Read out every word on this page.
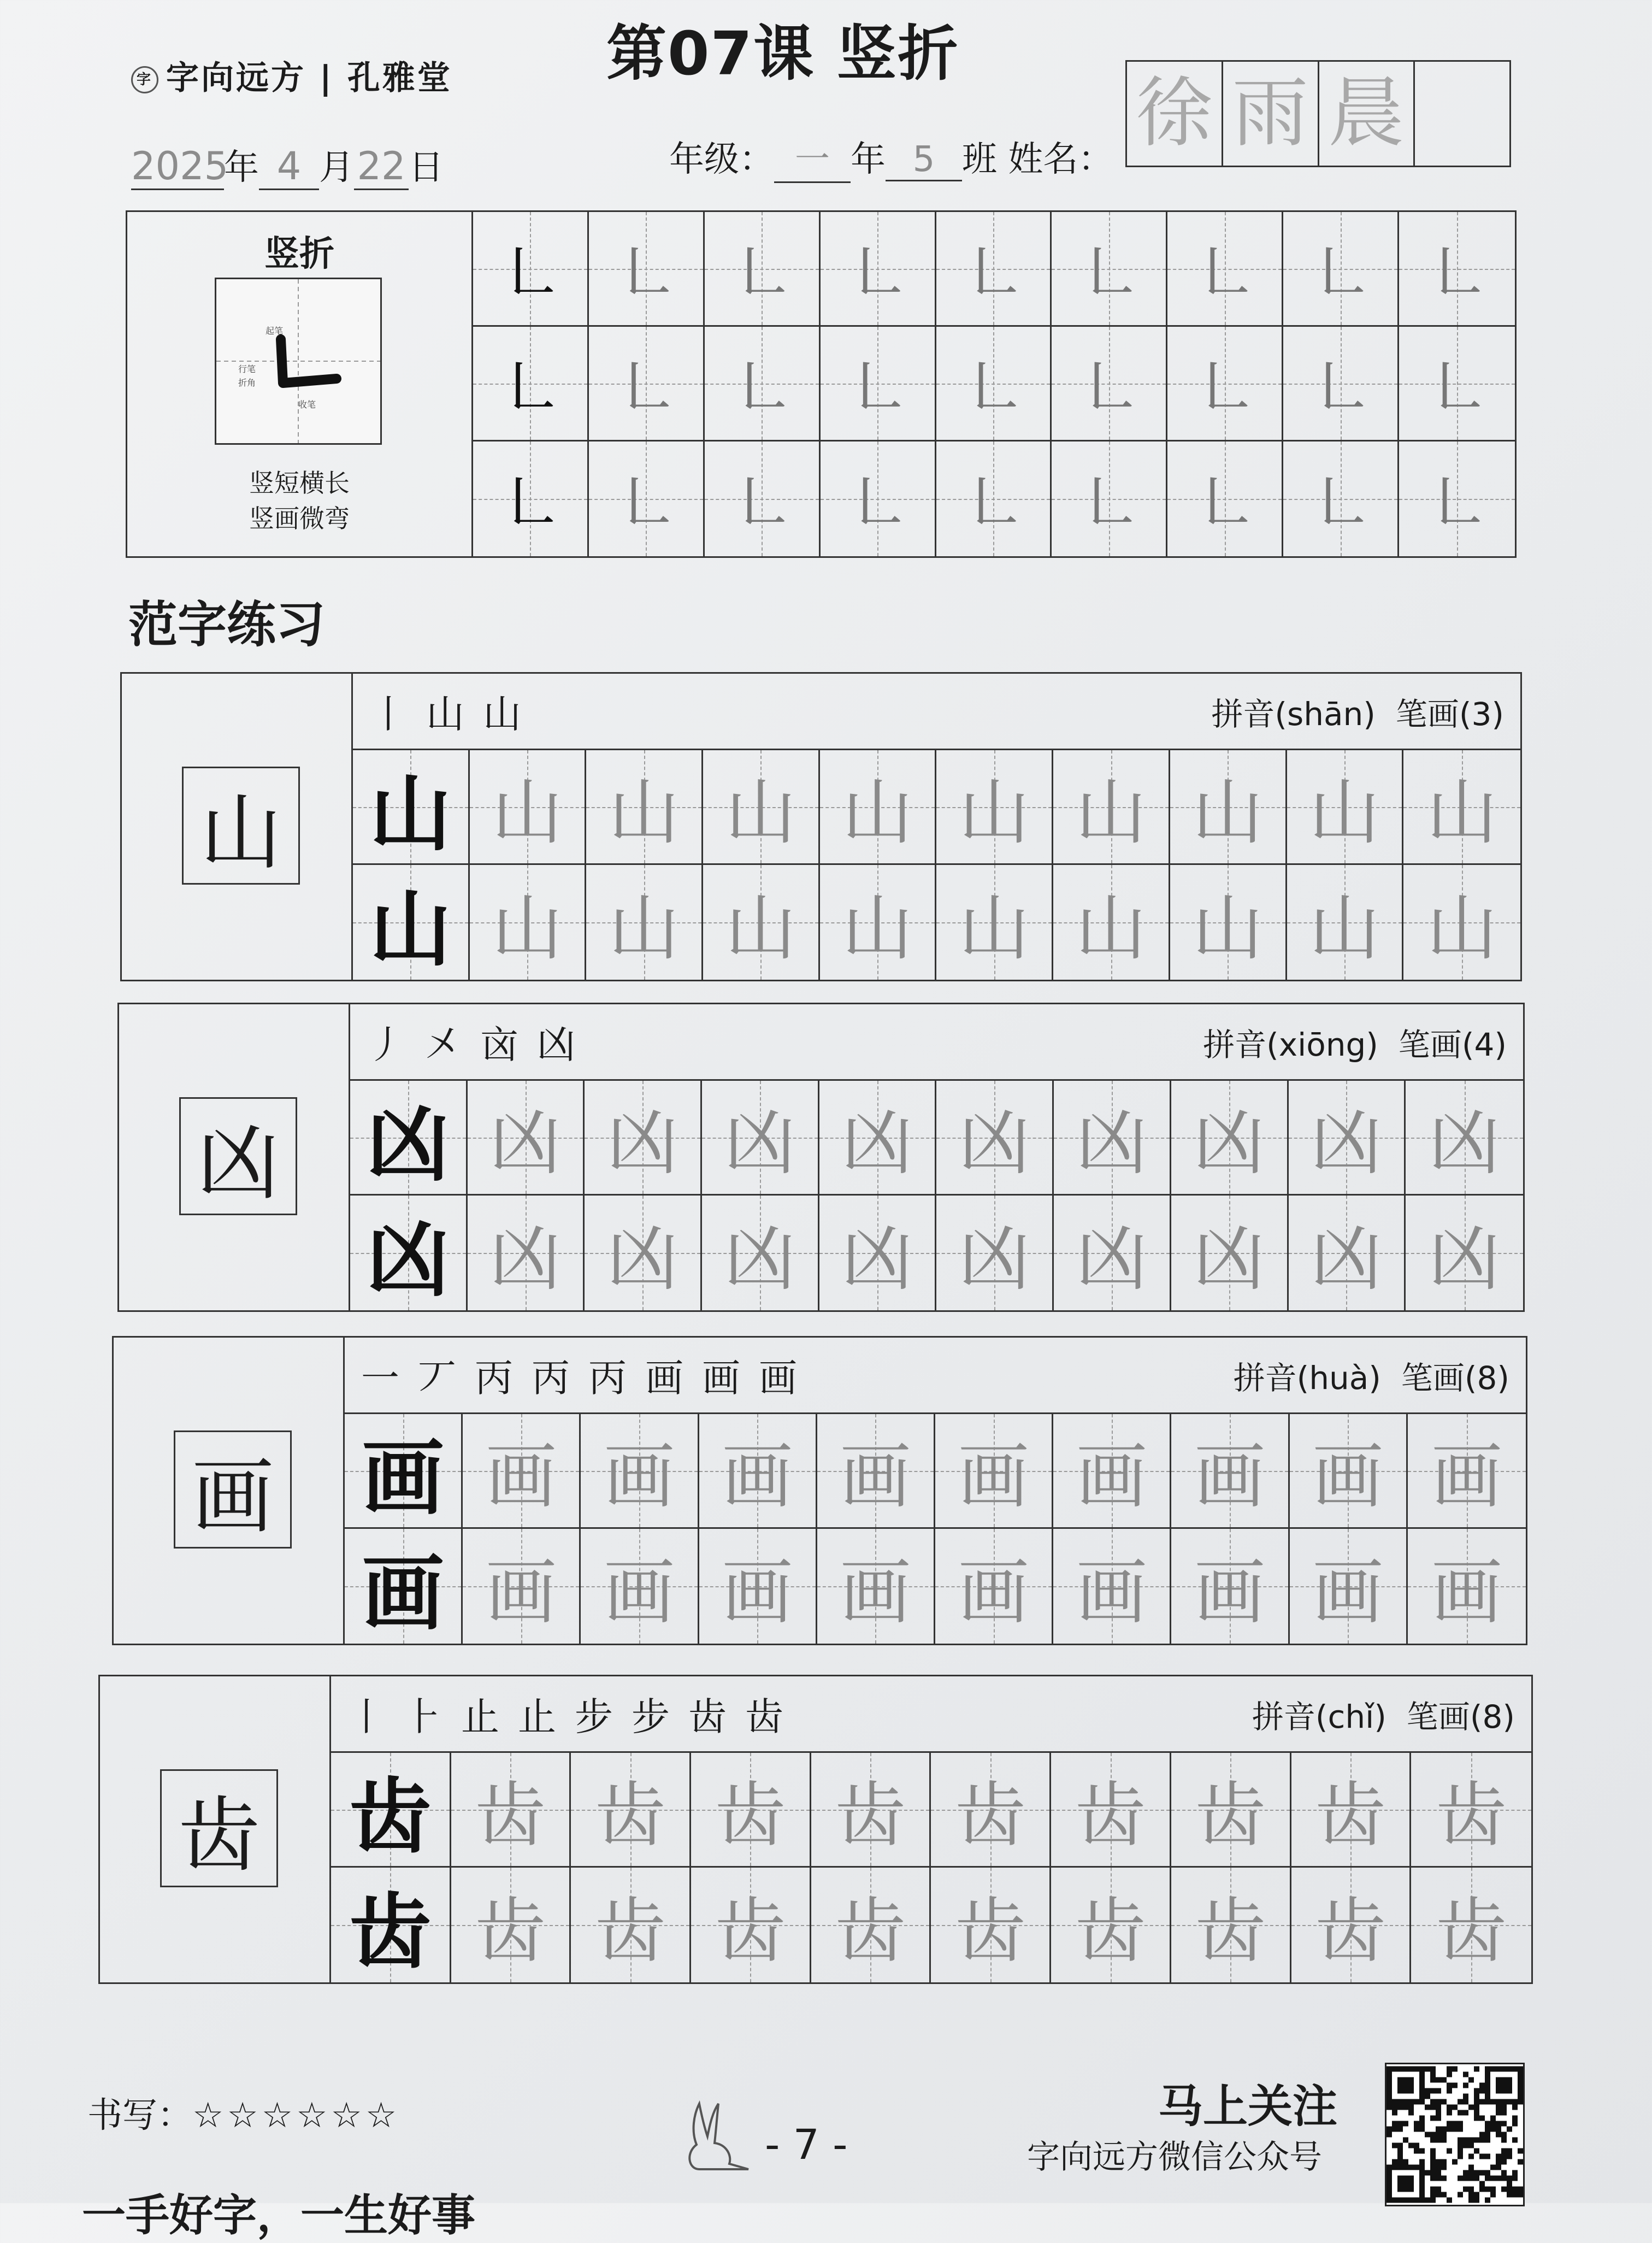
字 字向远方 | 孔雅堂	第07课 竖折
2025年 4 月22日	年级： 一 年 5 班 姓名：
徐 雨 晨
竖折
起笔
行笔
折角
收笔
竖短横长
竖画微弯
㇗ ㇗ ㇗ ㇗ ㇗ ㇗ ㇗ ㇗ ㇗
㇗ ㇗ ㇗ ㇗ ㇗ ㇗ ㇗ ㇗ ㇗
㇗ ㇗ ㇗ ㇗ ㇗ ㇗ ㇗ ㇗ ㇗
范字练习
山
丨 山 山	拼音(shān)  笔画(3)
山 山 山 山 山 山 山 山 山 山
山 山 山 山 山 山 山 山 山 山
凶
丿 㐅 㐫 凶	拼音(xiōng)  笔画(4)
凶 凶 凶 凶 凶 凶 凶 凶 凶 凶
凶 凶 凶 凶 凶 凶 凶 凶 凶 凶
画
一 丆 丙 丙 丙 画 画 画	拼音(huà)  笔画(8)
画 画 画 画 画 画 画 画 画 画
画 画 画 画 画 画 画 画 画 画
齿
丨 ⺊ 止 止 步 步 齿 齿	拼音(chǐ)  笔画(8)
齿 齿 齿 齿 齿 齿 齿 齿 齿 齿
齿 齿 齿 齿 齿 齿 齿 齿 齿 齿
书写：☆☆☆☆☆☆
- 7 -
马上关注
字向远方微信公众号
一手好字，一生好事
